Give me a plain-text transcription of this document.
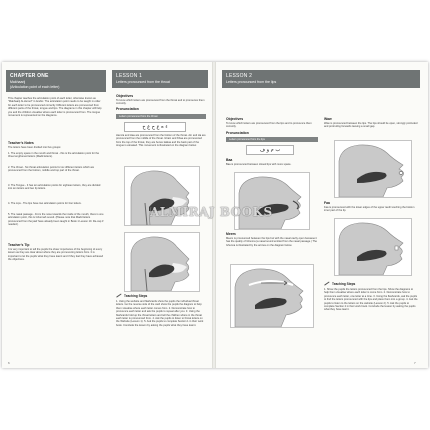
CHAPTER ONE
Makhaarij
(Articulation point of each letter)

This chapter teaches the articulation point of each letter, otherwise known as "Makhaarij Al-Huroof" in Arabic. The articulation point needs to be taught in order for each letter to be pronounced correctly. Different letters are pronounced from different parts of the throat, tongue and lips. The diagrams in this chapter will help you and the children visualise where each letter is pronounced from. The tongue movement is represented on the diagrams.

Teacher's Notes

The letters have been divided into five groups:

1. The empty space in the mouth and throat - this is the articulation point for the three lengthened letters (Madd letters).

2. The throat - Six throat articulation points for six different letters which are pronounced from the bottom, middle and top part of the throat.

3. The Tongue - It has ten articulation points for eighteen letters, they are divided into ten letters and two lip letters.

4. The Lips - The lips have two articulation points for four letters.

5. The nasal passage - From the nose towards the inside of the mouth, there is one articulation point, this is Ghunnah sound. (Please note that Madd letters pronounced from the jawf have already been taught in Book 1 Lesson 10. Re-cap if needed.)

Teacher's Tip

It is very important to tell the pupils the sheer importance of the beginning of every lesson as they are clear about where they are pronouncing letters from. It is important to let the pupils what they have learnt and if they feel they have achieved the objectives.

6
LESSON 1
Letters pronounced from the throat

Objectives

To know which letters are pronounced from the throat and to pronounce them correctly.

Pronunciation

Letters pronounced from the throat
ء ه ع ح غ خ

Hamza and Haa are pronounced from the bottom of the throat. Ain and Ha are pronounced from the middle of the throat. Ghain and Khaa are pronounced from the top of the throat, they are hence lakkas and the back part of the tongue is elevated. This movement is illustrated on the diagram below.

Teaching Steps

1. Using the website and flashcards show the pupils the individual throat letters. Go the reverse side of the card show the pupils the diagram to help them visualise where each letter comes from. 2. Demonstrate how to pronounce each letter and ask the pupils to repeat after you. 3. Using the flashcards hold up the throat letters and tell the children where in the throat each letter is pronounced from. 4. Ask the pupils to listen to throat letters on the Website (Lesson 1). 5. Ask the pupils to complete Section 1 in their work book. Conclude the lesson by asking the pupils what they have learnt.

LESSON 2
Letters pronounced from the lips

Objectives

To know which letters are pronounced from the lips and to pronounce them correctly.

Pronunciation

Letters pronounced from the lips
ب م و ف

Baa

Baa is pronounced between closed lips with more space.

Meem

Meem is pronounced between the lips but with the nasal cavity open because it has the quality of Ghunna (a nasal sound emitted from the nasal passage.) The Ghunna is illustrated by the arrows on the diagram below.

Waw

Waw is pronounced between the lips. The lips should be open, strongly protruded and protruding forwards leaving a small gap.

Faa

Faa is pronounced with the lower edges of the upper teeth touching the bottom inner part of the lip.

Teaching Steps

1. Show the pupils the letters pronounced from the lips. Show the diagrams to help them visualise where each letter is come from. 2. Demonstrate how to pronounce each letter, one letter at a time. 3. Using the flashcards, ask the pupils to find the letters pronounced with the lips and place them into a group. 4. Ask the pupils to listen to the letters on the website (Lesson 2). 5. Ask the pupils to complete Section 2 in their work book. Conclude the lesson by asking the pupils what they have learnt.

7
ALMIRAJ BOOKS
